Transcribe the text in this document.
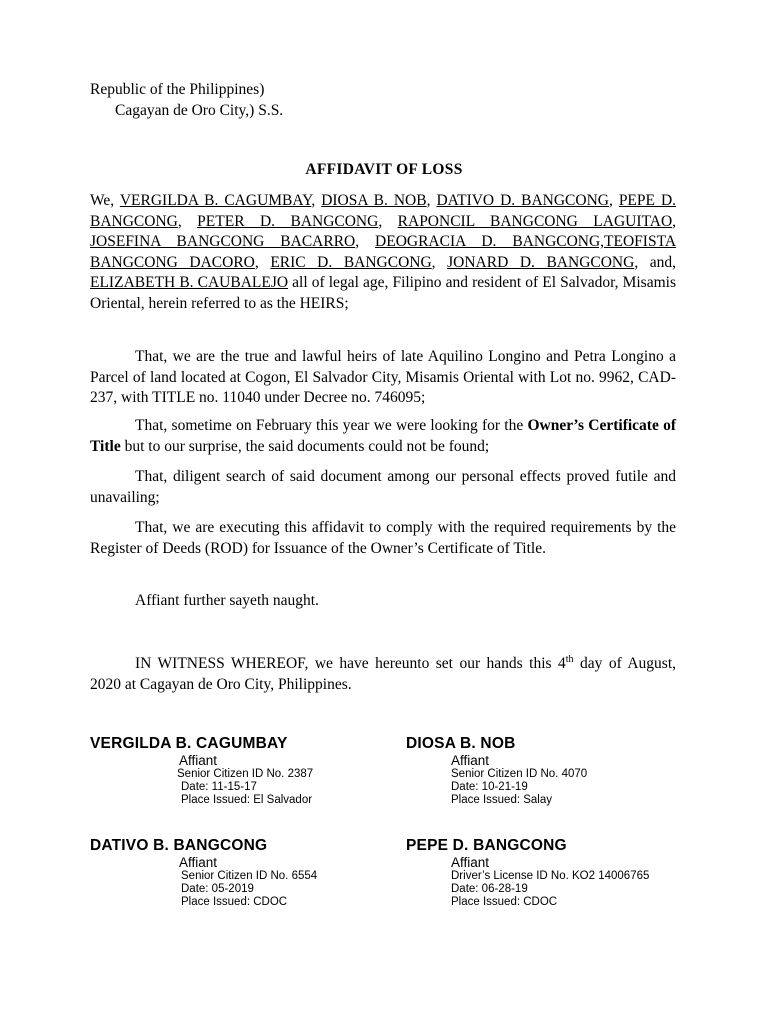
Republic of the Philippines)
Cagayan de Oro City,) S.S.
AFFIDAVIT OF LOSS
We, VERGILDA B. CAGUMBAY, DIOSA B. NOB, DATIVO D. BANGCONG, PEPE D. BANGCONG, PETER D. BANGCONG, RAPONCIL BANGCONG LAGUITAO, JOSEFINA BANGCONG BACARRO, DEOGRACIA D. BANGCONG,TEOFISTA BANGCONG DACORO, ERIC D. BANGCONG, JONARD D. BANGCONG, and, ELIZABETH B. CAUBALEJO all of legal age, Filipino and resident of El Salvador, Misamis Oriental, herein referred to as the HEIRS;
That, we are the true and lawful heirs of late Aquilino Longino and Petra Longino a Parcel of land located at Cogon, El Salvador City, Misamis Oriental with Lot no. 9962, CAD-237, with TITLE no. 11040 under Decree no. 746095;
That, sometime on February this year we were looking for the Owner’s Certificate of Title but to our surprise, the said documents could not be found;
That, diligent search of said document among our personal effects proved futile and unavailing;
That, we are executing this affidavit to comply with the required requirements by the Register of Deeds (ROD) for Issuance of the Owner’s Certificate of Title.
Affiant further sayeth naught.
IN WITNESS WHEREOF, we have hereunto set our hands this 4th day of August, 2020 at Cagayan de Oro City, Philippines.
VERGILDA B. CAGUMBAY
Affiant
Senior Citizen ID No. 2387
Date: 11-15-17
Place Issued: El Salvador
DIOSA B. NOB
Affiant
Senior Citizen ID No. 4070
Date: 10-21-19
Place Issued: Salay
DATIVO B. BANGCONG
Affiant
Senior Citizen ID No. 6554
Date: 05-2019
Place Issued: CDOC
PEPE D. BANGCONG
Affiant
Driver’s License ID No. KO2 14006765
Date: 06-28-19
Place Issued: CDOC
